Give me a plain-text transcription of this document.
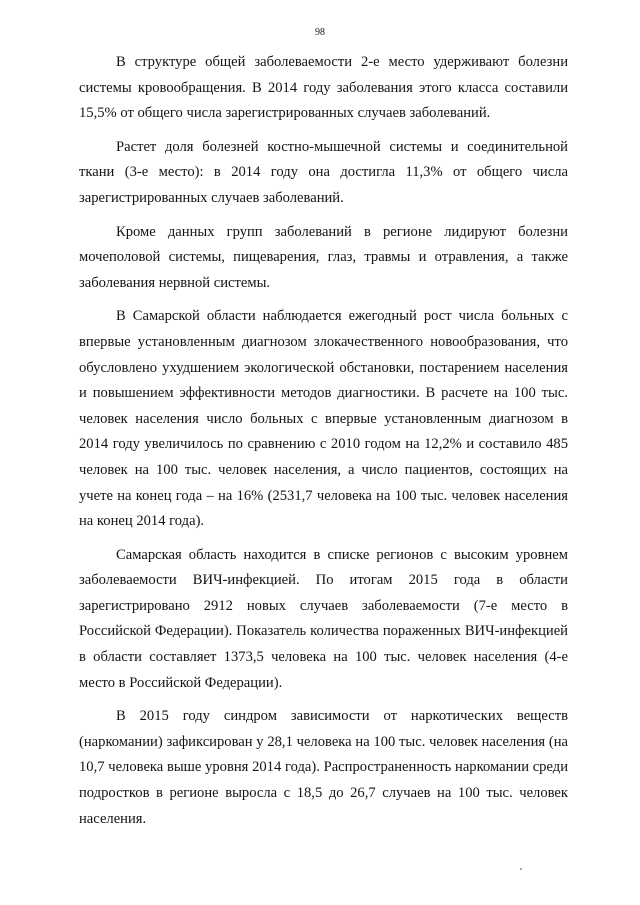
98

В структуре общей заболеваемости 2-е место удерживают болезни системы кровообращения. В 2014 году заболевания этого класса составили 15,5% от общего числа зарегистрированных случаев заболеваний.

Растет доля болезней костно-мышечной системы и соединительной ткани (3-е место): в 2014 году она достигла 11,3% от общего числа зарегистрированных случаев заболеваний.

Кроме данных групп заболеваний в регионе лидируют болезни мочеполовой системы, пищеварения, глаз, травмы и отравления, а также заболевания нервной системы.

В Самарской области наблюдается ежегодный рост числа больных с впервые установленным диагнозом злокачественного новообразования, что обусловлено ухудшением экологической обстановки, постарением населения и повышением эффективности методов диагностики. В расчете на 100 тыс. человек населения число больных с впервые установленным диагнозом в 2014 году увеличилось по сравнению с 2010 годом на 12,2% и составило 485 человек на 100 тыс. человек населения, а число пациентов, состоящих на учете на конец года – на 16% (2531,7 человека на 100 тыс. человек населения на конец 2014 года).

Самарская область находится в списке регионов с высоким уровнем заболеваемости ВИЧ-инфекцией. По итогам 2015 года в области зарегистрировано 2912 новых случаев заболеваемости (7-е место в Российской Федерации). Показатель количества пораженных ВИЧ-инфекцией в области составляет 1373,5 человека на 100 тыс. человек населения (4-е место в Российской Федерации).

В 2015 году синдром зависимости от наркотических веществ (наркомании) зафиксирован у 28,1 человека на 100 тыс. человек населения (на 10,7 человека выше уровня 2014 года). Распространенность наркомании среди подростков в регионе выросла с 18,5 до 26,7 случаев на 100 тыс. человек населения.
